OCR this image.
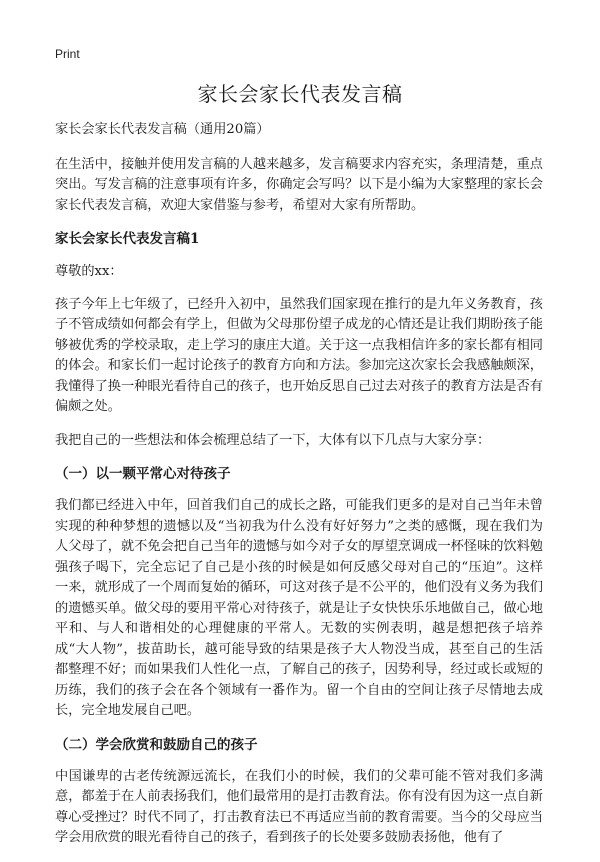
Print
家长会家长代表发言稿

家长会家长代表发言稿（通用20篇）

在生活中，接触并使用发言稿的人越来越多，发言稿要求内容充实，条理清楚，重点突出。写发言稿的注意事项有许多，你确定会写吗？以下是小编为大家整理的家长会家长代表发言稿，欢迎大家借鉴与参考，希望对大家有所帮助。

家长会家长代表发言稿1

尊敬的xx：

孩子今年上七年级了，已经升入初中，虽然我们国家现在推行的是九年义务教育，孩子不管成绩如何都会有学上，但做为父母那份望子成龙的心情还是让我们期盼孩子能够被优秀的学校录取，走上学习的康庄大道。关于这一点我相信许多的家长都有相同的体会。和家长们一起讨论孩子的教育方向和方法。参加完这次家长会我感触颇深，我懂得了换一种眼光看待自己的孩子，也开始反思自己过去对孩子的教育方法是否有偏颇之处。

我把自己的一些想法和体会梳理总结了一下，大体有以下几点与大家分享：

（一）以一颗平常心对待孩子

我们都已经进入中年，回首我们自己的成长之路，可能我们更多的是对自己当年未曾实现的种种梦想的遗憾以及“当初我为什么没有好好努力”之类的感慨，现在我们为人父母了，就不免会把自己当年的遗憾与如今对子女的厚望烹调成一杯怪味的饮料勉强孩子喝下，完全忘记了自己是小孩的时候是如何反感父母对自己的“压迫”。这样一来，就形成了一个周而复始的循环，可这对孩子是不公平的，他们没有义务为我们的遗憾买单。做父母的要用平常心对待孩子，就是让子女快快乐乐地做自己，做心地平和、与人和谐相处的心理健康的平常人。无数的实例表明，越是想把孩子培养成“大人物”，拔苗助长，越可能导致的结果是孩子大人物没当成，甚至自己的生活都整理不好；而如果我们人性化一点，了解自己的孩子，因势利导，经过或长或短的历练，我们的孩子会在各个领域有一番作为。留一个自由的空间让孩子尽情地去成长，完全地发展自己吧。

（二）学会欣赏和鼓励自己的孩子

中国谦卑的古老传统源远流长，在我们小的时候，我们的父辈可能不管对我们多满意，都羞于在人前表扬我们，他们最常用的是打击教育法。你有没有因为这一点自新尊心受挫过？时代不同了，打击教育法已不再适应当前的教育需要。当今的父母应当学会用欣赏的眼光看待自己的孩子，看到孩子的长处要多鼓励表扬他，他有了
